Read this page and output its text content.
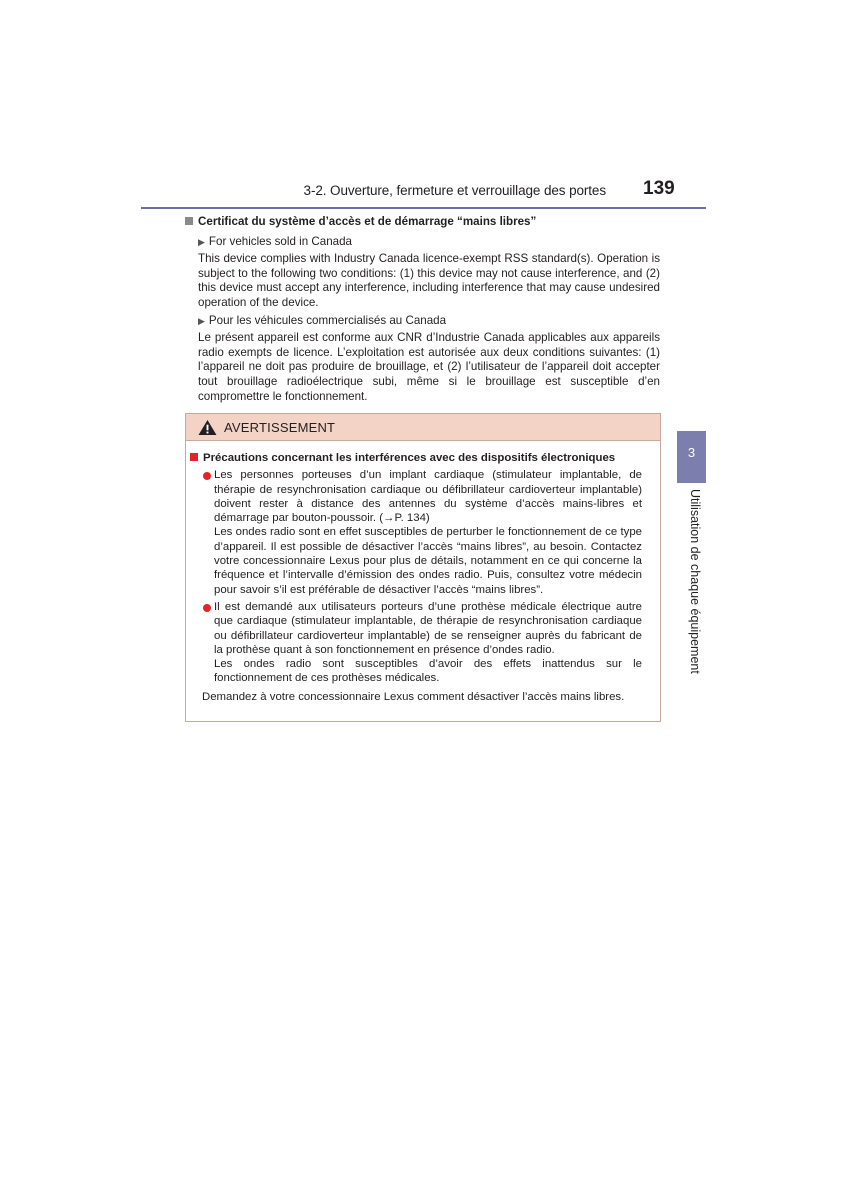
3-2. Ouverture, fermeture et verrouillage des portes 139
3
Utilisation de chaque équipement

Certificat du système d’accès et de démarrage “mains libres”

▶ For vehicles sold in Canada

This device complies with Industry Canada licence-exempt RSS standard(s). Operation is subject to the following two conditions: (1) this device may not cause interference, and (2) this device must accept any interference, including interference that may cause undesired operation of the device.

▶ Pour les véhicules commercialisés au Canada

Le présent appareil est conforme aux CNR d’Industrie Canada applicables aux appareils radio exempts de licence. L’exploitation est autorisée aux deux conditions suivantes: (1) l’appareil ne doit pas produire de brouillage, et (2) l’utilisateur de l’appareil doit accepter tout brouillage radioélectrique subi, même si le brouillage est susceptible d’en compromettre le fonctionnement.

AVERTISSEMENT

Précautions concernant les interférences avec des dispositifs électroniques

Les personnes porteuses d’un implant cardiaque (stimulateur implantable, de thérapie de resynchronisation cardiaque ou défibrillateur cardioverteur implantable) doivent rester à distance des antennes du système d’accès mains-libres et démarrage par bouton-poussoir. (→P. 134)

Les ondes radio sont en effet susceptibles de perturber le fonctionnement de ce type d’appareil. Il est possible de désactiver l’accès “mains libres”, au besoin. Contactez votre concessionnaire Lexus pour plus de détails, notamment en ce qui concerne la fréquence et l’intervalle d’émission des ondes radio. Puis, consultez votre médecin pour savoir s’il est préférable de désactiver l’accès “mains libres”.

Il est demandé aux utilisateurs porteurs d’une prothèse médicale électrique autre que cardiaque (stimulateur implantable, de thérapie de resynchronisation cardiaque ou défibrillateur cardioverteur implantable) de se renseigner auprès du fabricant de la prothèse quant à son fonctionnement en présence d’ondes radio.

Les ondes radio sont susceptibles d’avoir des effets inattendus sur le fonctionnement de ces prothèses médicales.

Demandez à votre concessionnaire Lexus comment désactiver l’accès mains libres.
